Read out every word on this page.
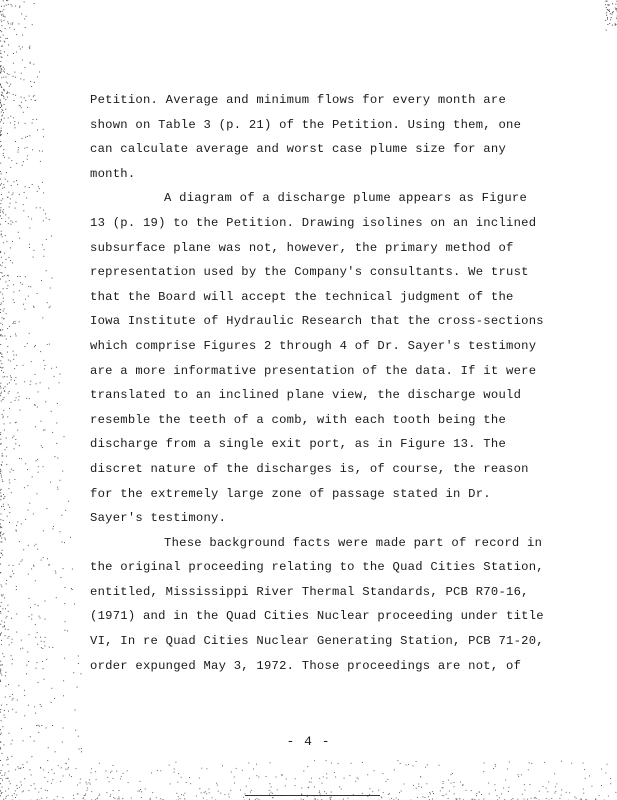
Petition. Average and minimum flows for every month are
shown on Table 3 (p. 21) of the Petition. Using them, one
can calculate average and worst case plume size for any
month.
A diagram of a discharge plume appears as Figure
13 (p. 19) to the Petition. Drawing isolines on an inclined
subsurface plane was not, however, the primary method of
representation used by the Company's consultants. We trust
that the Board will accept the technical judgment of the
Iowa Institute of Hydraulic Research that the cross-sections
which comprise Figures 2 through 4 of Dr. Sayer's testimony
are a more informative presentation of the data. If it were
translated to an inclined plane view, the discharge would
resemble the teeth of a comb, with each tooth being the
discharge from a single exit port, as in Figure 13. The
discret nature of the discharges is, of course, the reason
for the extremely large zone of passage stated in Dr.
Sayer's testimony.
These background facts were made part of record in
the original proceeding relating to the Quad Cities Station,
entitled, Mississippi River Thermal Standards, PCB R70-16,
(1971) and in the Quad Cities Nuclear proceeding under title
VI, In re Quad Cities Nuclear Generating Station, PCB 71-20,
order expunged May 3, 1972. Those proceedings are not, of
- 4 -
